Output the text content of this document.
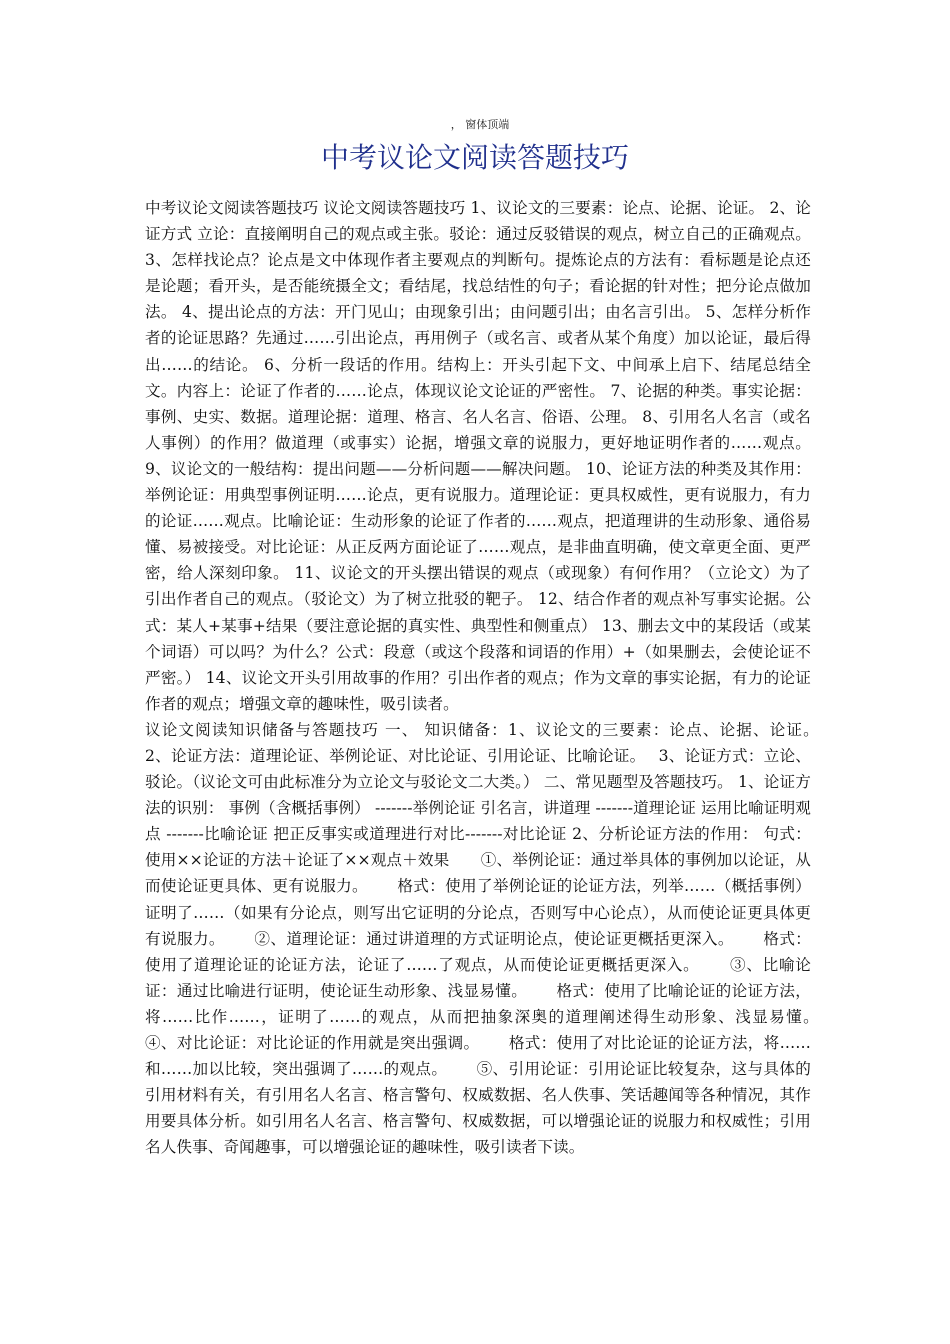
， 窗体顶端
中考议论文阅读答题技巧

中考议论文阅读答题技巧 议论文阅读答题技巧 1、议论文的三要素：论点、论据、论证。 2、论证方式 立论：直接阐明自己的观点或主张。驳论：通过反驳错误的观点，树立自己的正确观点。 3、怎样找论点？论点是文中体现作者主要观点的判断句。提炼论点的方法有：看标题是论点还是论题；看开头，是否能统摄全文；看结尾，找总结性的句子；看论据的针对性；把分论点做加法。 4、提出论点的方法：开门见山；由现象引出；由问题引出；由名言引出。 5、怎样分析作者的论证思路？先通过……引出论点，再用例子（或名言、或者从某个角度）加以论证，最后得出……的结论。 6、分析一段话的作用。结构上：开头引起下文、中间承上启下、结尾总结全文。内容上：论证了作者的……论点，体现议论文论证的严密性。 7、论据的种类。事实论据：事例、史实、数据。道理论据：道理、格言、名人名言、俗语、公理。 8、引用名人名言（或名人事例）的作用？做道理（或事实）论据，增强文章的说服力，更好地证明作者的……观点。 9、议论文的一般结构：提出问题——分析问题——解决问题。 10、论证方法的种类及其作用：举例论证：用典型事例证明……论点，更有说服力。道理论证：更具权威性，更有说服力，有力的论证……观点。比喻论证：生动形象的论证了作者的……观点，把道理讲的生动形象、通俗易懂、易被接受。对比论证：从正反两方面论证了……观点，是非曲直明确，使文章更全面、更严密，给人深刻印象。 11、议论文的开头摆出错误的观点（或现象）有何作用？（立论文）为了引出作者自己的观点。（驳论文）为了树立批驳的靶子。 12、结合作者的观点补写事实论据。公式：某人+某事+结果（要注意论据的真实性、典型性和侧重点） 13、删去文中的某段话（或某个词语）可以吗？为什么？公式：段意（或这个段落和词语的作用）+（如果删去，会使论证不严密。） 14、议论文开头引用故事的作用？引出作者的观点；作为文章的事实论据，有力的论证作者的观点；增强文章的趣味性，吸引读者。

议论文阅读知识储备与答题技巧 一、 知识储备：1、议论文的三要素：论点、论据、论证。　　 2、论证方法：道理论证、举例论证、对比论证、引用论证、比喻论证。　 3、论证方式：立论、驳论。（议论文可由此标准分为立论文与驳论文二大类。） 二、常见题型及答题技巧。 1、论证方法的识别： 事例（含概括事例） -------举例论证 引名言，讲道理 -------道理论证 运用比喻证明观点 -------比喻论证 把正反事实或道理进行对比-------对比论证 2、分析论证方法的作用： 句式：使用××论证的方法＋论证了××观点＋效果　　①、举例论证：通过举具体的事例加以论证，从而使论证更具体、更有说服力。　　 格式：使用了举例论证的论证方法，列举……（概括事例）证明了……（如果有分论点，则写出它证明的分论点，否则写中心论点），从而使论证更具体更有说服力。　　 ②、道理论证：通过讲道理的方式证明论点，使论证更概括更深入。　　 格式：使用了道理论证的论证方法，论证了……了观点，从而使论证更概括更深入。　　 ③、比喻论证：通过比喻进行证明，使论证生动形象、浅显易懂。　　 格式：使用了比喻论证的论证方法，将……比作……，证明了……的观点，从而把抽象深奥的道理阐述得生动形象、浅显易懂。　　 ④、对比论证：对比论证的作用就是突出强调。　　 格式：使用了对比论证的论证方法，将……和……加以比较，突出强调了……的观点。　　 ⑤、引用论证：引用论证比较复杂，这与具体的引用材料有关，有引用名人名言、格言警句、权威数据、名人佚事、笑话趣闻等各种情况，其作用要具体分析。如引用名人名言、格言警句、权威数据，可以增强论证的说服力和权威性；引用名人佚事、奇闻趣事，可以增强论证的趣味性，吸引读者下读。
